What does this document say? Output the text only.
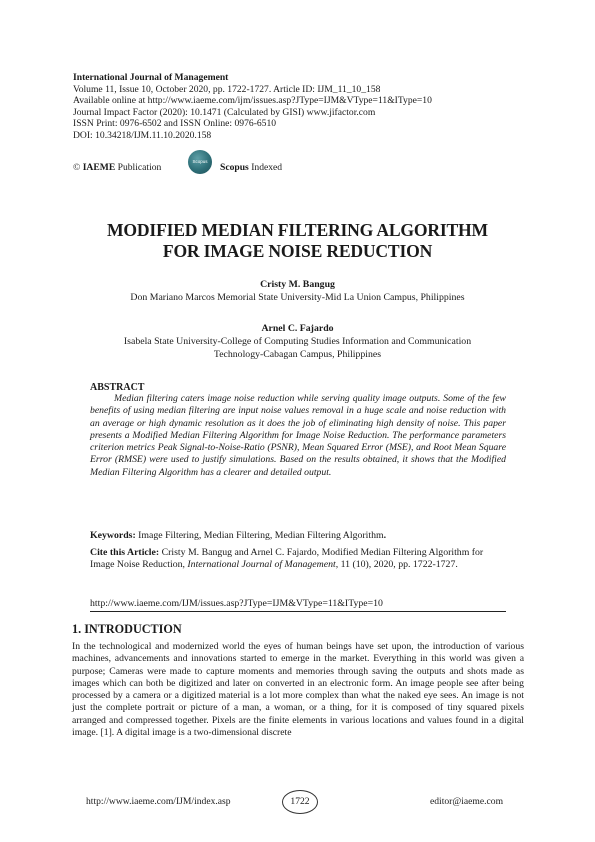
International Journal of Management
Volume 11, Issue 10, October 2020, pp. 1722-1727. Article ID: IJM_11_10_158
Available online at http://www.iaeme.com/ijm/issues.asp?JType=IJM&VType=11&IType=10
Journal Impact Factor (2020): 10.1471 (Calculated by GISI) www.jifactor.com
ISSN Print: 0976-6502 and ISSN Online: 0976-6510
DOI: 10.34218/IJM.11.10.2020.158
© IAEME Publication
Scopus
Scopus Indexed
MODIFIED MEDIAN FILTERING ALGORITHM
FOR IMAGE NOISE REDUCTION
Cristy M. Bangug
Don Mariano Marcos Memorial State University-Mid La Union Campus, Philippines
Arnel C. Fajardo
Isabela State University-College of Computing Studies Information and Communication
Technology-Cabagan Campus, Philippines
ABSTRACT
Median filtering caters image noise reduction while serving quality image outputs. Some of the few benefits of using median filtering are input noise values removal in a huge scale and noise reduction with an average or high dynamic resolution as it does the job of eliminating high density of noise. This paper presents a Modified Median Filtering Algorithm for Image Noise Reduction. The performance parameters criterion metrics Peak Signal-to-Noise-Ratio (PSNR), Mean Squared Error (MSE), and Root Mean Square Error (RMSE) were used to justify simulations. Based on the results obtained, it shows that the Modified Median Filtering Algorithm has a clearer and detailed output.
Keywords: Image Filtering, Median Filtering, Median Filtering Algorithm.
Cite this Article: Cristy M. Bangug and Arnel C. Fajardo, Modified Median Filtering Algorithm for Image Noise Reduction, International Journal of Management, 11 (10), 2020, pp. 1722-1727.
http://www.iaeme.com/IJM/issues.asp?JType=IJM&VType=11&IType=10
1. INTRODUCTION
In the technological and modernized world the eyes of human beings have set upon, the introduction of various machines, advancements and innovations started to emerge in the market. Everything in this world was given a purpose; Cameras were made to capture moments and memories through saving the outputs and shots made as images which can both be digitized and later on converted in an electronic form. An image people see after being processed by a camera or a digitized material is a lot more complex than what the naked eye sees. An image is not just the complete portrait or picture of a man, a woman, or a thing, for it is composed of tiny squared pixels arranged and compressed together. Pixels are the finite elements in various locations and values found in a digital image. [1]. A digital image is a two-dimensional discrete
http://www.iaeme.com/IJM/index.asp	1722	editor@iaeme.com
